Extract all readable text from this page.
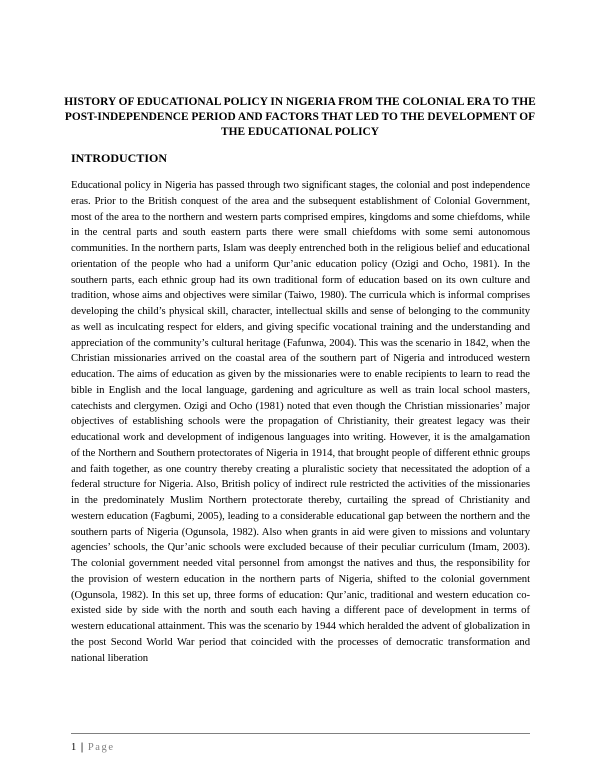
HISTORY OF EDUCATIONAL POLICY IN NIGERIA FROM THE COLONIAL ERA TO THE POST-INDEPENDENCE PERIOD AND FACTORS THAT LED TO THE DEVELOPMENT OF THE EDUCATIONAL POLICY
INTRODUCTION

Educational policy in Nigeria has passed through two significant stages, the colonial and post independence eras. Prior to the British conquest of the area and the subsequent establishment of Colonial Government, most of the area to the northern and western parts comprised empires, kingdoms and some chiefdoms, while in the central parts and south eastern parts there were small chiefdoms with some semi autonomous communities. In the northern parts, Islam was deeply entrenched both in the religious belief and educational orientation of the people who had a uniform Qur’anic education policy (Ozigi and Ocho, 1981). In the southern parts, each ethnic group had its own traditional form of education based on its own culture and tradition, whose aims and objectives were similar (Taiwo, 1980). The curricula which is informal comprises developing the child’s physical skill, character, intellectual skills and sense of belonging to the community as well as inculcating respect for elders, and giving specific vocational training and the understanding and appreciation of the community’s cultural heritage (Fafunwa, 2004). This was the scenario in 1842, when the Christian missionaries arrived on the coastal area of the southern part of Nigeria and introduced western education. The aims of education as given by the missionaries were to enable recipients to learn to read the bible in English and the local language, gardening and agriculture as well as train local school masters, catechists and clergymen. Ozigi and Ocho (1981) noted that even though the Christian missionaries’ major objectives of establishing schools were the propagation of Christianity, their greatest legacy was their educational work and development of indigenous languages into writing. However, it is the amalgamation of the Northern and Southern protectorates of Nigeria in 1914, that brought people of different ethnic groups and faith together, as one country thereby creating a pluralistic society that necessitated the adoption of a federal structure for Nigeria. Also, British policy of indirect rule restricted the activities of the missionaries in the predominately Muslim Northern protectorate thereby, curtailing the spread of Christianity and western education (Fagbumi, 2005), leading to a considerable educational gap between the northern and the southern parts of Nigeria (Ogunsola, 1982). Also when grants in aid were given to missions and voluntary agencies’ schools, the Qur’anic schools were excluded because of their peculiar curriculum (Imam, 2003). The colonial government needed vital personnel from amongst the natives and thus, the responsibility for the provision of western education in the northern parts of Nigeria, shifted to the colonial government (Ogunsola, 1982). In this set up, three forms of education: Qur’anic, traditional and western education co-existed side by side with the north and south each having a different pace of development in terms of western educational attainment. This was the scenario by 1944 which heralded the advent of globalization in the post Second World War period that coincided with the processes of democratic transformation and national liberation

1 | Page
